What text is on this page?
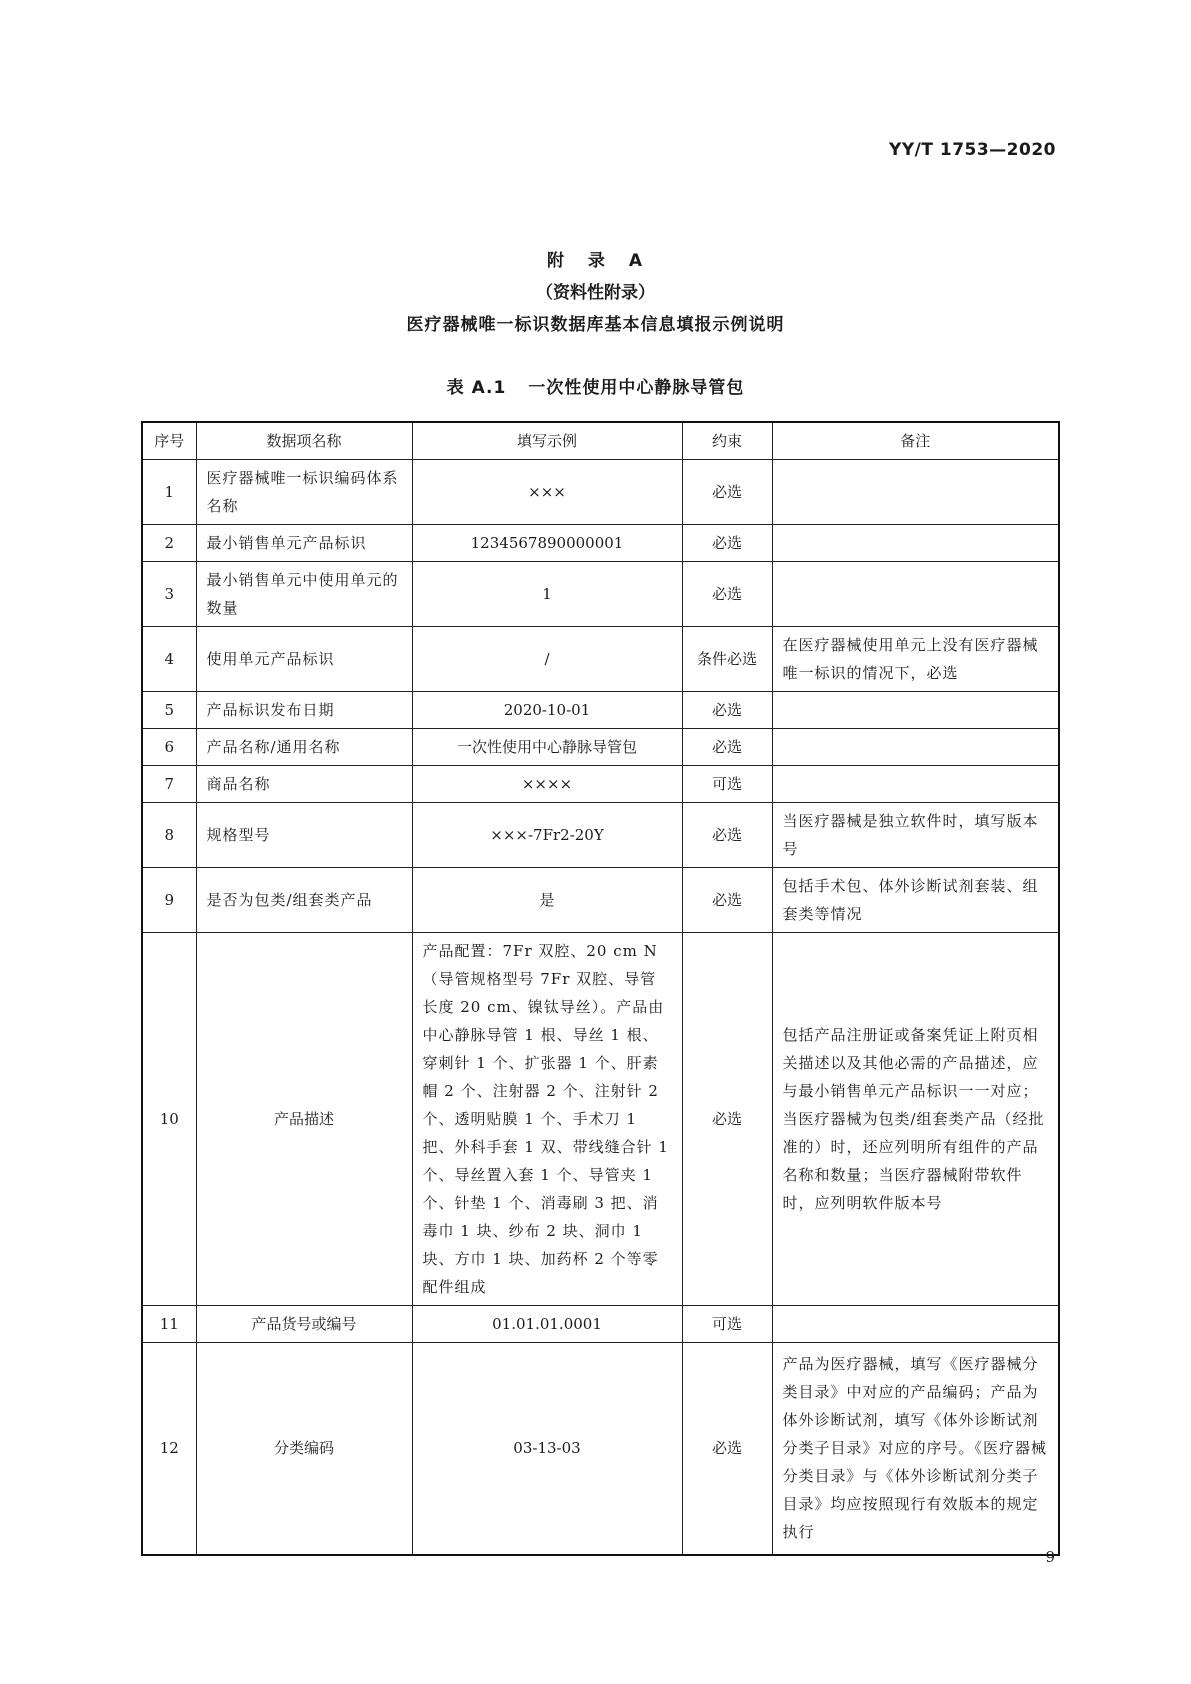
YY/T 1753—2020
附 录 A
（资料性附录）
医疗器械唯一标识数据库基本信息填报示例说明
表 A.1 一次性使用中心静脉导管包
序号	数据项名称	填写示例	约束	备注
1	医疗器械唯一标识编码体系名称	×××	必选	
2	最小销售单元产品标识	1234567890000001	必选	
3	最小销售单元中使用单元的数量	1	必选	
4	使用单元产品标识	/	条件必选	在医疗器械使用单元上没有医疗器械唯一标识的情况下，必选
5	产品标识发布日期	2020-10-01	必选	
6	产品名称/通用名称	一次性使用中心静脉导管包	必选	
7	商品名称	××××	可选	
8	规格型号	×××-7Fr2-20Y	必选	当医疗器械是独立软件时，填写版本号
9	是否为包类/组套类产品	是	必选	包括手术包、体外诊断试剂套装、组套类等情况
10	产品描述	产品配置：7Fr 双腔、20 cm N（导管规格型号 7Fr 双腔、导管长度 20 cm、镍钛导丝）。产品由中心静脉导管 1 根、导丝 1 根、穿刺针 1 个、扩张器 1 个、肝素帽 2 个、注射器 2 个、注射针 2 个、透明贴膜 1 个、手术刀 1 把、外科手套 1 双、带线缝合针 1 个、导丝置入套 1 个、导管夹 1 个、针垫 1 个、消毒刷 3 把、消毒巾 1 块、纱布 2 块、洞巾 1 块、方巾 1 块、加药杯 2 个等零配件组成	必选	包括产品注册证或备案凭证上附页相关描述以及其他必需的产品描述，应与最小销售单元产品标识一一对应；当医疗器械为包类/组套类产品（经批准的）时，还应列明所有组件的产品名称和数量；当医疗器械附带软件时，应列明软件版本号
11	产品货号或编号	01.01.01.0001	可选	
12	分类编码	03-13-03	必选	产品为医疗器械，填写《医疗器械分类目录》中对应的产品编码；产品为体外诊断试剂，填写《体外诊断试剂分类子目录》对应的序号。《医疗器械分类目录》与《体外诊断试剂分类子目录》均应按照现行有效版本的规定执行
9
